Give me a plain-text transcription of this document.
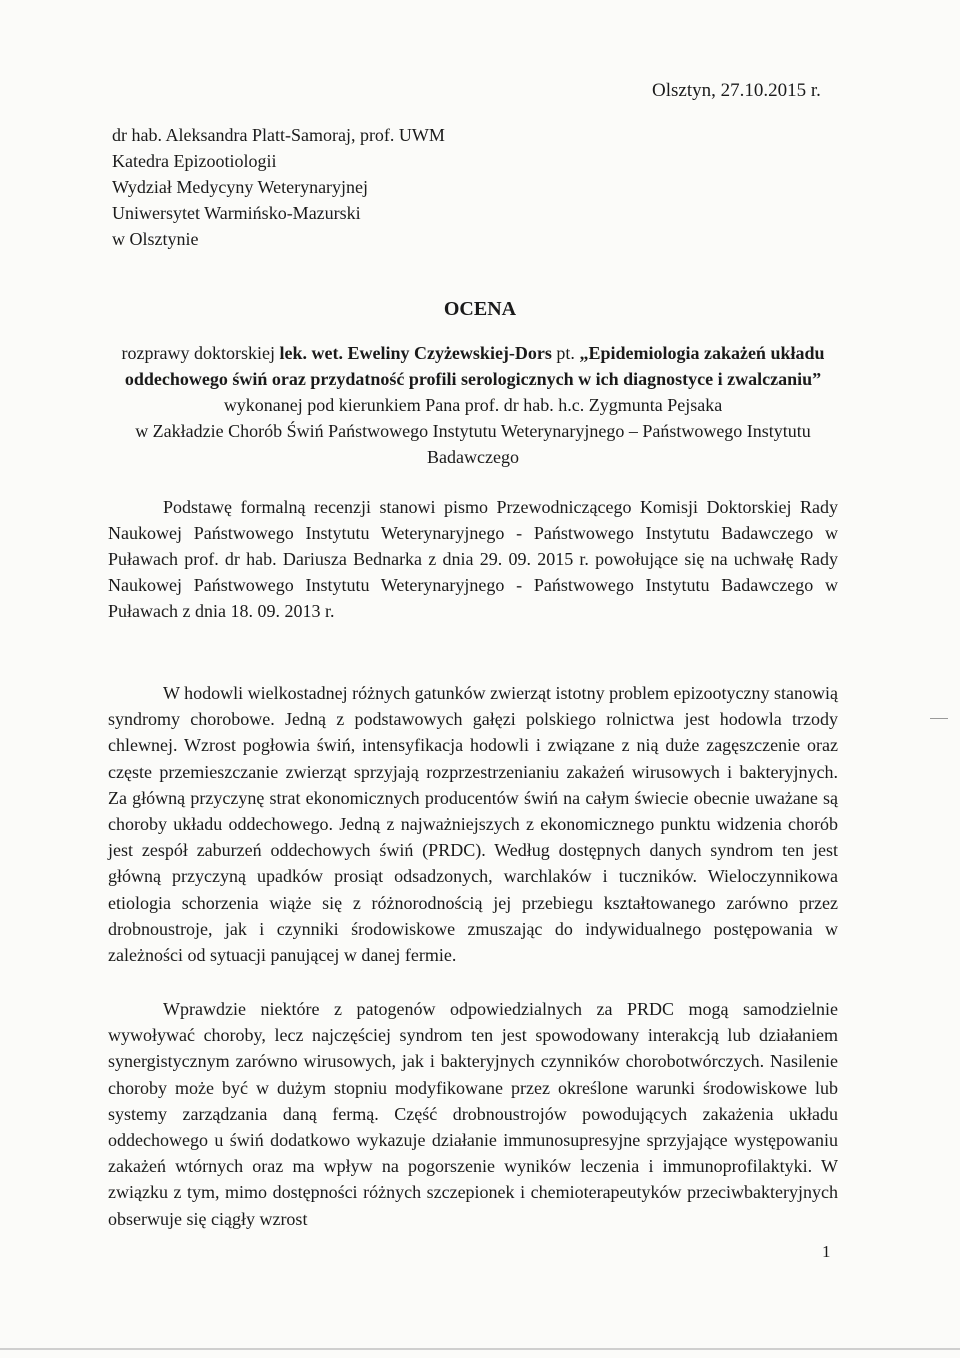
Olsztyn, 27.10.2015 r.
dr hab. Aleksandra Platt-Samoraj, prof. UWM
Katedra Epizootiologii
Wydział Medycyny Weterynaryjnej
Uniwersytet Warmińsko-Mazurski
w Olsztynie
OCENA
rozprawy doktorskiej lek. wet. Eweliny Czyżewskiej-Dors pt. „Epidemiologia zakażeń układu oddechowego świń oraz przydatność profili serologicznych w ich diagnostyce i zwalczaniu”
wykonanej pod kierunkiem Pana prof. dr hab. h.c. Zygmunta Pejsaka
w Zakładzie Chorób Świń Państwowego Instytutu Weterynaryjnego – Państwowego Instytutu Badawczego
Podstawę formalną recenzji stanowi pismo Przewodniczącego Komisji Doktorskiej Rady Naukowej Państwowego Instytutu Weterynaryjnego - Państwowego Instytutu Badawczego w Puławach prof. dr hab. Dariusza Bednarka z dnia 29. 09. 2015 r. powołujące się na uchwałę Rady Naukowej Państwowego Instytutu Weterynaryjnego - Państwowego Instytutu Badawczego w Puławach z dnia 18. 09. 2013 r.

W hodowli wielkostadnej różnych gatunków zwierząt istotny problem epizootyczny stanowią syndromy chorobowe. Jedną z podstawowych gałęzi polskiego rolnictwa jest hodowla trzody chlewnej. Wzrost pogłowia świń, intensyfikacja hodowli i związane z nią duże zagęszczenie oraz częste przemieszczanie zwierząt sprzyjają rozprzestrzenianiu zakażeń wirusowych i bakteryjnych. Za główną przyczynę strat ekonomicznych producentów świń na całym świecie obecnie uważane są choroby układu oddechowego. Jedną z najważniejszych z ekonomicznego punktu widzenia chorób jest zespół zaburzeń oddechowych świń (PRDC). Według dostępnych danych syndrom ten jest główną przyczyną upadków prosiąt odsadzonych, warchlaków i tuczników. Wieloczynnikowa etiologia schorzenia wiąże się z różnorodnością jej przebiegu kształtowanego zarówno przez drobnoustroje, jak i czynniki środowiskowe zmuszając do indywidualnego postępowania w zależności od sytuacji panującej w danej fermie.

Wprawdzie niektóre z patogenów odpowiedzialnych za PRDC mogą samodzielnie wywoływać choroby, lecz najczęściej syndrom ten jest spowodowany interakcją lub działaniem synergistycznym zarówno wirusowych, jak i bakteryjnych czynników chorobotwórczych. Nasilenie choroby może być w dużym stopniu modyfikowane przez określone warunki środowiskowe lub systemy zarządzania daną fermą. Część drobnoustrojów powodujących zakażenia układu oddechowego u świń dodatkowo wykazuje działanie immunosupresyjne sprzyjające występowaniu zakażeń wtórnych oraz ma wpływ na pogorszenie wyników leczenia i immunoprofilaktyki. W związku z tym, mimo dostępności różnych szczepionek i chemioterapeutyków przeciwbakteryjnych obserwuje się ciągły wzrost

1
